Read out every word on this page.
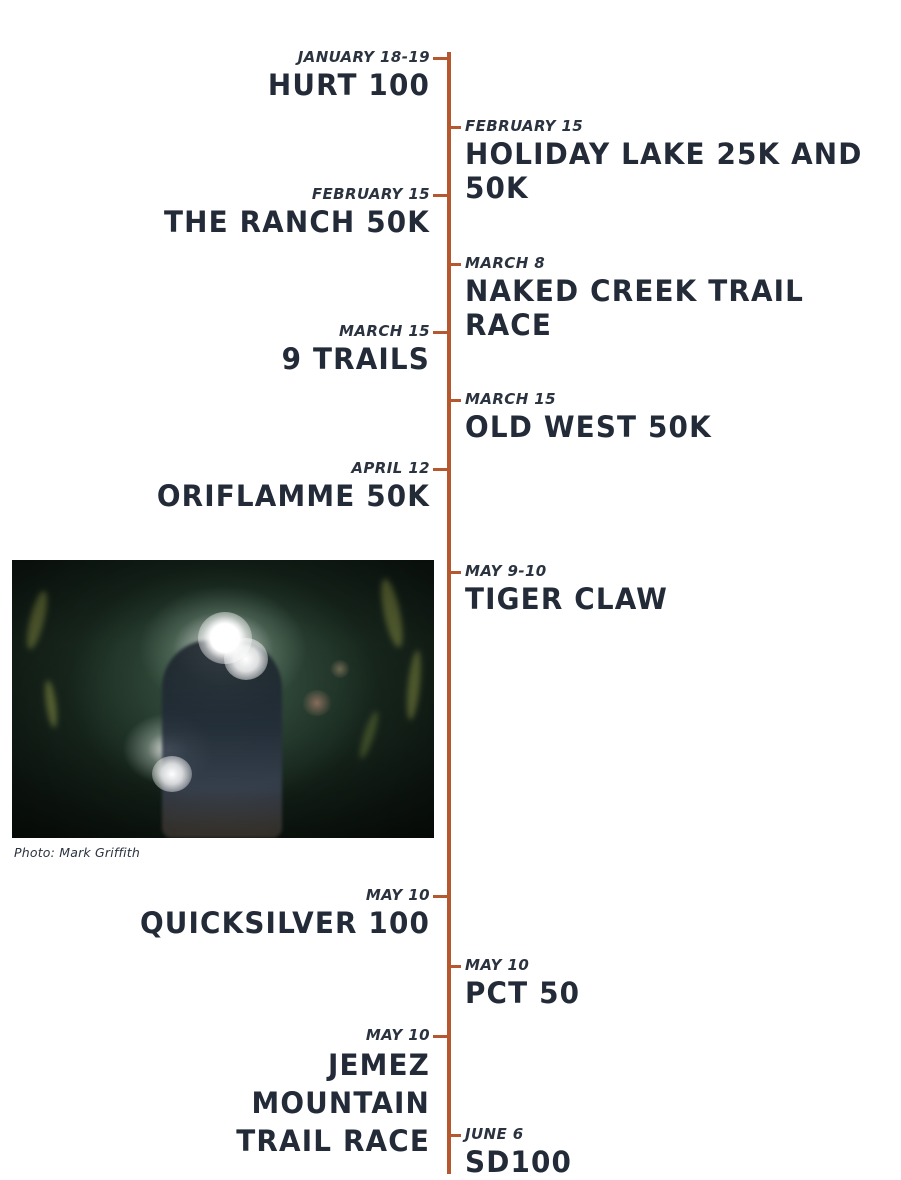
JANUARY 18-19

HURT 100

FEBRUARY 15

HOLIDAY LAKE 25K AND 50K

FEBRUARY 15

THE RANCH 50K

MARCH 8

NAKED CREEK TRAIL RACE

MARCH 15

9 TRAILS

MARCH 15

OLD WEST 50K

APRIL 12

ORIFLAMME 50K

MAY 9-10

TIGER CLAW

Photo: Mark Griffith

MAY 10

QUICKSILVER 100

MAY 10

PCT 50

MAY 10

JEMEZ MOUNTAIN TRAIL RACE JUNE 6

SD100
